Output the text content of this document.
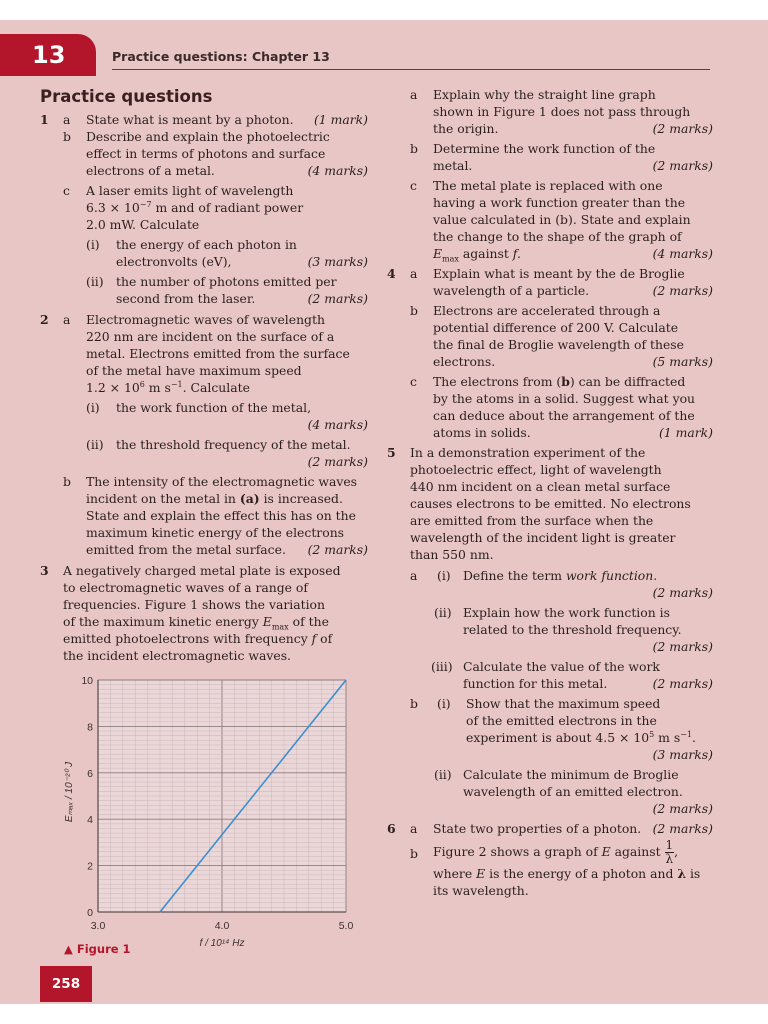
13	Practice questions: Chapter 13
Practice questions
1 a State what is meant by a photon. (1 mark)
b Describe and explain the photoelectric
effect in terms of photons and surface
electrons of a metal.	(4 marks)
c A laser emits light of wavelength
$6.3 \times 10^{-7}$ m and of radiant power
2.0 mW. Calculate
(i) the energy of each photon in
electronvolts (eV),	(3 marks)
(ii) the number of photons emitted per
second from the laser.	(2 marks)
2 a Electromagnetic waves of wavelength
220 nm are incident on the surface of a
metal. Electrons emitted from the surface
of the metal have maximum speed
$1.2 \times 10^6$ m $s^{-1}$. Calculate
(i) the work function of the metal,
(4 marks)
(ii) the threshold frequency of the metal.
(2 marks)
b The intensity of the electromagnetic waves
incident on the metal in (a) is increased.
State and explain the effect this has on the
maximum kinetic energy of the electrons
emitted from the metal surface. (2 marks)
3 A negatively charged metal plate is exposed
to electromagnetic waves of a range of
frequencies. Figure 1 shows the variation
of the maximum kinetic energy $E_{max}$ of the
emitted photoelectrons with frequency f of
the incident electromagnetic waves.
3.0	4.0	5.0
0
2
4
6
8
10
f / 10¹⁴ Hz
Eₘₐₓ / 10⁻²⁰ J
▲ Figure 1
a Explain why the straight line graph
shown in Figure 1 does not pass through
the origin.	(2 marks)
b Determine the work function of the
metal.	(2 marks)
c The metal plate is replaced with one
having a work function greater than the
value calculated in (b). State and explain
the change to the shape of the graph of
$E_{max}$ against f.	(4 marks)
4 a Explain what is meant by the de Broglie
wavelength of a particle.	(2 marks)
b Electrons are accelerated through a
potential difference of 200 V. Calculate
the final de Broglie wavelength of these
electrons.	(5 marks)
c The electrons from (b) can be diffracted
by the atoms in a solid. Suggest what you
can deduce about the arrangement of the
atoms in solids.	(1 mark)
5 In a demonstration experiment of the
photoelectric effect, light of wavelength
440 nm incident on a clean metal surface
causes electrons to be emitted. No electrons
are emitted from the surface when the
wavelength of the incident light is greater
than 550 nm.
a (i) Define the term work function.
(2 marks)
(ii) Explain how the work function is
related to the threshold frequency.
(2 marks)
(iii) Calculate the value of the work
function for this metal.	(2 marks)
b (i) Show that the maximum speed
of the emitted electrons in the
experiment is about $4.5 \times 10^5$ m $s^{-1}$.
(3 marks)
(ii) Calculate the minimum de Broglie
wavelength of an emitted electron.
(2 marks)
6 a State two properties of a photon. (2 marks)
b Figure 2 shows a graph of E against $\frac{1}{\lambda}$ ,
where E is the energy of a photon and λ is
its wavelength.
258
